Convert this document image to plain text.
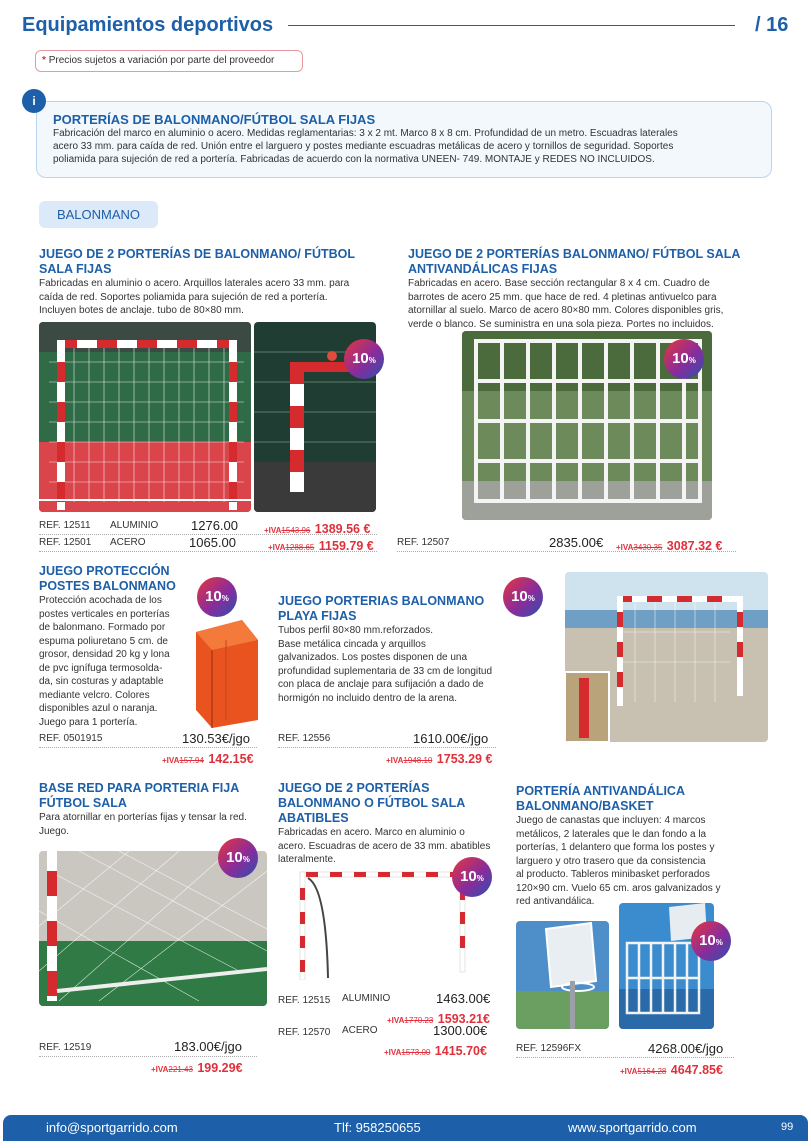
Equipamientos deportivos	/ 16
* Precios sujetos a variación por parte del proveedor
PORTERÍAS DE BALONMANO/FÚTBOL SALA FIJAS
Fabricación del marco en aluminio o acero. Medidas reglamentarias: 3 x 2 mt. Marco 8 x 8 cm. Profundidad de un metro. Escuadras laterales
acero 33 mm. para caída de red. Unión entre el larguero y postes mediante escuadras metálicas de acero y tornillos de seguridad. Soportes
poliamida para sujeción de red a portería. Fabricadas de acuerdo con la normativa UNEEN- 749. MONTAJE y REDES NO INCLUIDOS.
i
BALONMANO
JUEGO DE 2 PORTERÍAS DE BALONMANO/ FÚTBOL
SALA FIJAS
Fabricadas en aluminio o acero. Arquillos laterales acero 33 mm. para
caída de red. Soportes poliamida para sujeción de red a portería.
Incluyen botes de anclaje. tubo de 80×80 mm.
10%
REF. 12511 ALUMINIO	1276.00	+IVA1543.96 1389.56 €
REF. 12501 ACERO	1065.00	+IVA1288.65 1159.79 €
JUEGO DE 2 PORTERÍAS BALONMANO/ FÚTBOL SALA
ANTIVANDÁLICAS FIJAS
Fabricadas en acero. Base sección rectangular 8 x 4 cm. Cuadro de
barrotes de acero 25 mm. que hace de red. 4 pletinas antivuelco para
atornillar al suelo. Marco de acero 80×80 mm. Colores disponibles gris,
verde o blanco. Se suministra en una sola pieza. Portes no incluidos.
10%
REF. 12507	2835.00€ +IVA3430.35 3087.32 €
JUEGO PROTECCIÓN
POSTES BALONMANO
Protección acochada de los
postes verticales en porterías
de balonmano. Formado por
espuma poliuretano 5 cm. de
grosor, densidad 20 kg y lona
de pvc ignífuga termosolda-
da, sin costuras y adaptable
mediante velcro. Colores
disponibles azul o naranja.
Juego para 1 portería.
10%
REF. 0501915	130.53€/jgo
+IVA157.94 142.15€
JUEGO PORTERIAS BALONMANO
PLAYA FIJAS
Tubos perfil 80×80 mm.reforzados.
Base metálica cincada y arquillos
galvanizados. Los postes disponen de una
profundidad suplementaria de 33 cm de longitud
con placa de anclaje para sufijación a dado de
hormigón no incluido dentro de la arena.
10%
REF. 12556	1610.00€/jgo
+IVA1948.10 1753.29 €
BASE RED PARA PORTERIA FIJA
FÚTBOL SALA
Para atornillar en porterías fijas y tensar la red.
Juego.
10%
REF. 12519	183.00€/jgo
+IVA221.43 199.29€
JUEGO DE 2 PORTERÍAS
BALONMANO O FÚTBOL SALA
ABATIBLES
Fabricadas en acero. Marco en aluminio o
acero. Escuadras de acero de 33 mm. abatibles
lateralmente.
10%
REF. 12515 ALUMINIO	1463.00€
+IVA1770.23 1593.21€
REF. 12570 ACERO	1300.00€
+IVA1573.00 1415.70€
PORTERÍA ANTIVANDÁLICA
BALONMANO/BASKET
Juego de canastas que incluyen: 4 marcos
metálicos, 2 laterales que le dan fondo a la
porterías, 1 delantero que forma los postes y
larguero y otro trasero que da consistencia
al producto. Tableros minibasket perforados
120×90 cm. Vuelo 65 cm. aros galvanizados y
red antivandálica.
10%
REF. 12596FX	4268.00€/jgo
+IVA5164.28 4647.85€
info@sportgarrido.com	Tlf: 958250655	www.sportgarrido.com	99
